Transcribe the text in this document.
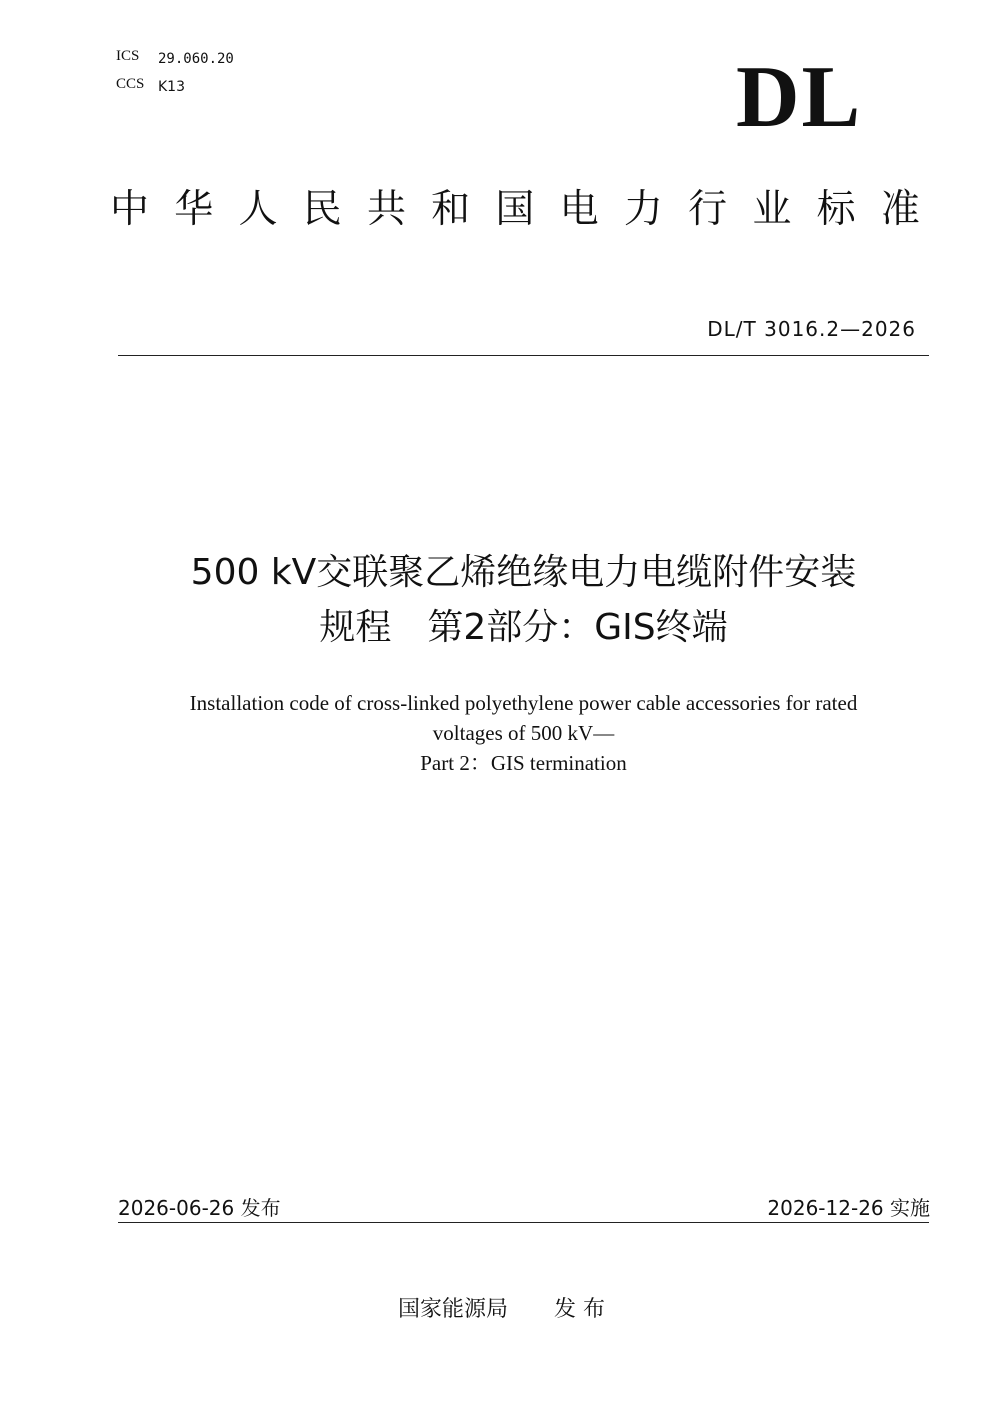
ICS 29.060.20
CCS K13	DL
中 华 人 民 共 和 国 电 力 行 业 标 准
DL/T 3016.2—2026
500 kV交联聚乙烯绝缘电力电缆附件安装
规程　第2部分：GIS终端
Installation code of cross-linked polyethylene power cable accessories for rated
voltages of 500 kV—
Part 2：GIS termination
2026-06-26 发布	2026-12-26 实施
国家能源局 发 布
